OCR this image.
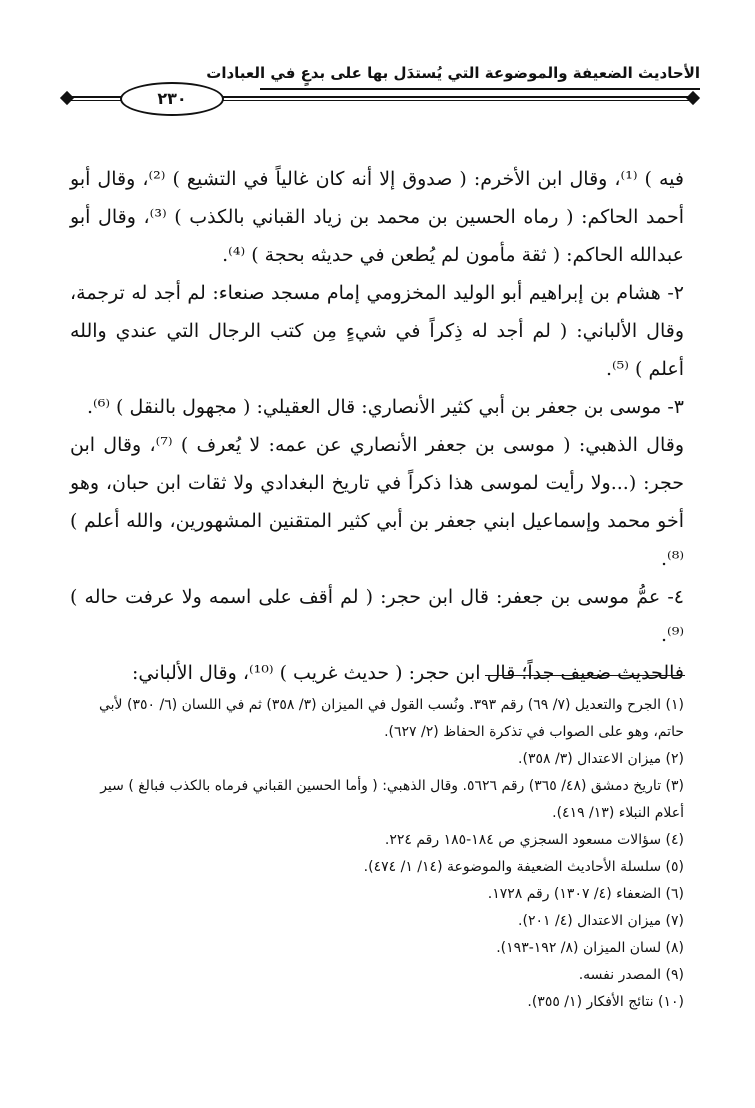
الأحاديث الضعيفة والموضوعة التي يُستدَل بها على بدعٍ في العبادات
٢٣٠

فيه ) ⁽¹⁾، وقال ابن الأخرم: ( صدوق إلا أنه كان غالياً في التشيع ) ⁽²⁾، وقال أبو أحمد الحاكم: ( رماه الحسين بن محمد بن زياد القباني بالكذب ) ⁽³⁾، وقال أبو عبدالله الحاكم: ( ثقة مأمون لم يُطعن في حديثه بحجة ) ⁽⁴⁾.

٢- هشام بن إبراهيم أبو الوليد المخزومي إمام مسجد صنعاء: لم أجد له ترجمة، وقال الألباني: ( لم أجد له ذِكراً في شيءٍ مِن كتب الرجال التي عندي والله أعلم ) ⁽⁵⁾.

٣- موسى بن جعفر بن أبي كثير الأنصاري: قال العقيلي: ( مجهول بالنقل ) ⁽⁶⁾.

وقال الذهبي: ( موسى بن جعفر الأنصاري عن عمه: لا يُعرف ) ⁽⁷⁾، وقال ابن حجر: (...ولا رأيت لموسى هذا ذكراً في تاريخ البغدادي ولا ثقات ابن حبان، وهو أخو محمد وإسماعيل ابني جعفر بن أبي كثير المتقنين المشهورين، والله أعلم ) ⁽⁸⁾.

٤- عمُّ موسى بن جعفر: قال ابن حجر: ( لم أقف على اسمه ولا عرفت حاله ) ⁽⁹⁾.

فالحديث ضعيف جداً؛ قال ابن حجر: ( حديث غريب ) ⁽¹⁰⁾، وقال الألباني:

(١) الجرح والتعديل (٧/ ٦٩) رقم ٣٩٣. ونُسب القول في الميزان (٣/ ٣٥٨) ثم في اللسان (٦/ ٣٥٠) لأبي حاتم، وهو على الصواب في تذكرة الحفاظ (٢/ ٦٢٧).

(٢) ميزان الاعتدال (٣/ ٣٥٨).

(٣) تاريخ دمشق (٤٨/ ٣٦٥) رقم ٥٦٢٦. وقال الذهبي: ( وأما الحسين القباني فرماه بالكذب فبالغ ) سير أعلام النبلاء (١٣/ ٤١٩).

(٤) سؤالات مسعود السجزي ص ١٨٤-١٨٥ رقم ٢٢٤.

(٥) سلسلة الأحاديث الضعيفة والموضوعة (١٤/ ١/ ٤٧٤).

(٦) الضعفاء (٤/ ١٣٠٧) رقم ١٧٢٨.

(٧) ميزان الاعتدال (٤/ ٢٠١).

(٨) لسان الميزان (٨/ ١٩٢-١٩٣).

(٩) المصدر نفسه.

(١٠) نتائج الأفكار (١/ ٣٥٥).
